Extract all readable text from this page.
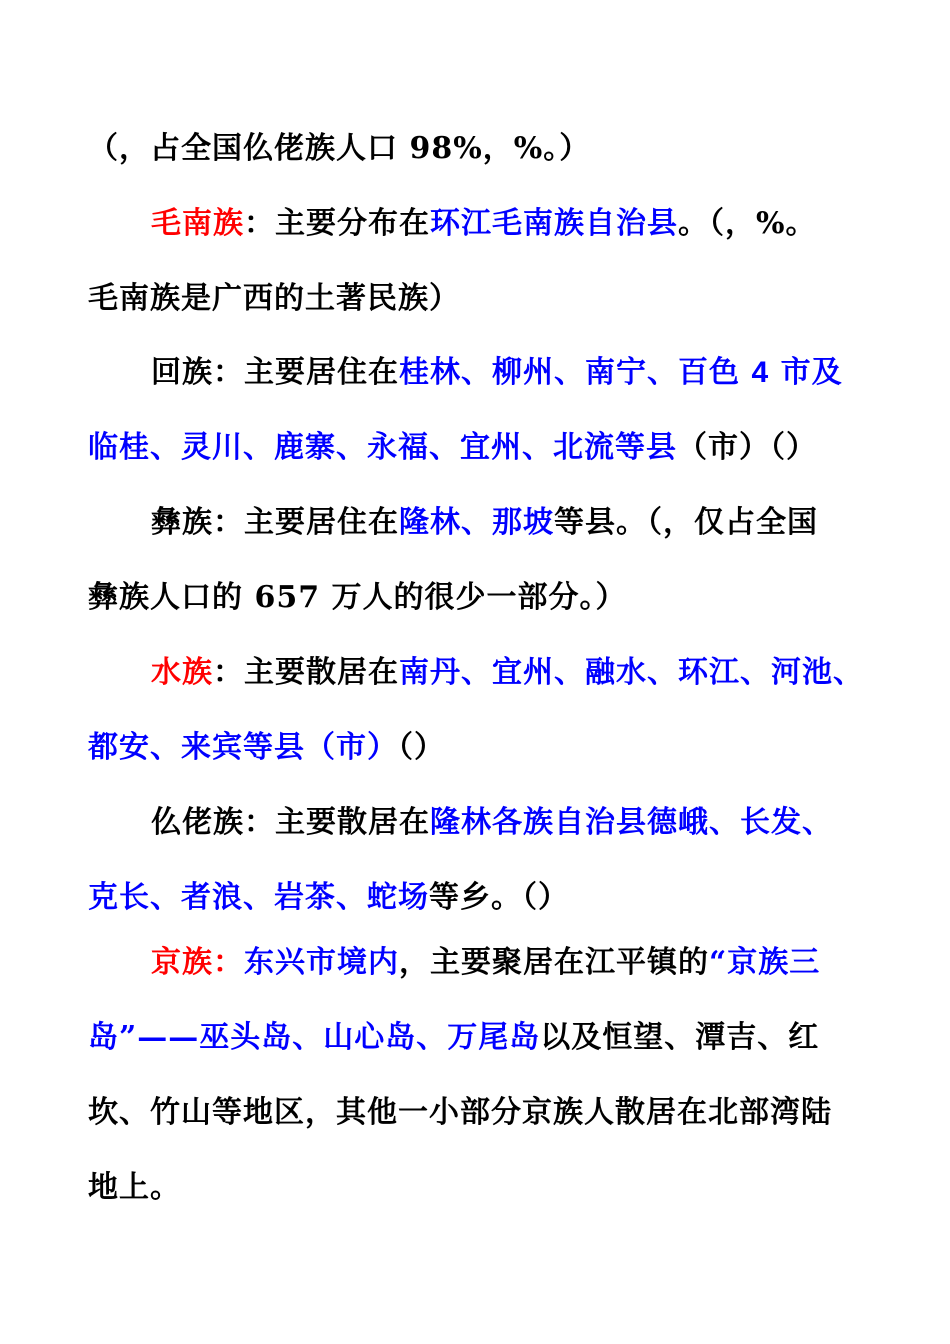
（，占全国仫佬族人口 98%，%。）
毛南族：主要分布在环江毛南族自治县。（，%。
毛南族是广西的土著民族）
回族：主要居住在桂林、柳州、南宁、百色 4 市及
临桂、灵川、鹿寨、永福、宜州、北流等县（市）（）
彝族：主要居住在隆林、那坡等县。（，仅占全国
彝族人口的 657 万人的很少一部分。）
水族：主要散居在南丹、宜州、融水、环江、河池、
都安、来宾等县（市）（）
仫佬族：主要散居在隆林各族自治县德峨、长发、
克长、者浪、岩茶、蛇场等乡。（）
京族：东兴市境内，主要聚居在江平镇的“京族三
岛”——巫头岛、山心岛、万尾岛以及恒望、潭吉、红
坎、竹山等地区，其他一小部分京族人散居在北部湾陆
地上。
